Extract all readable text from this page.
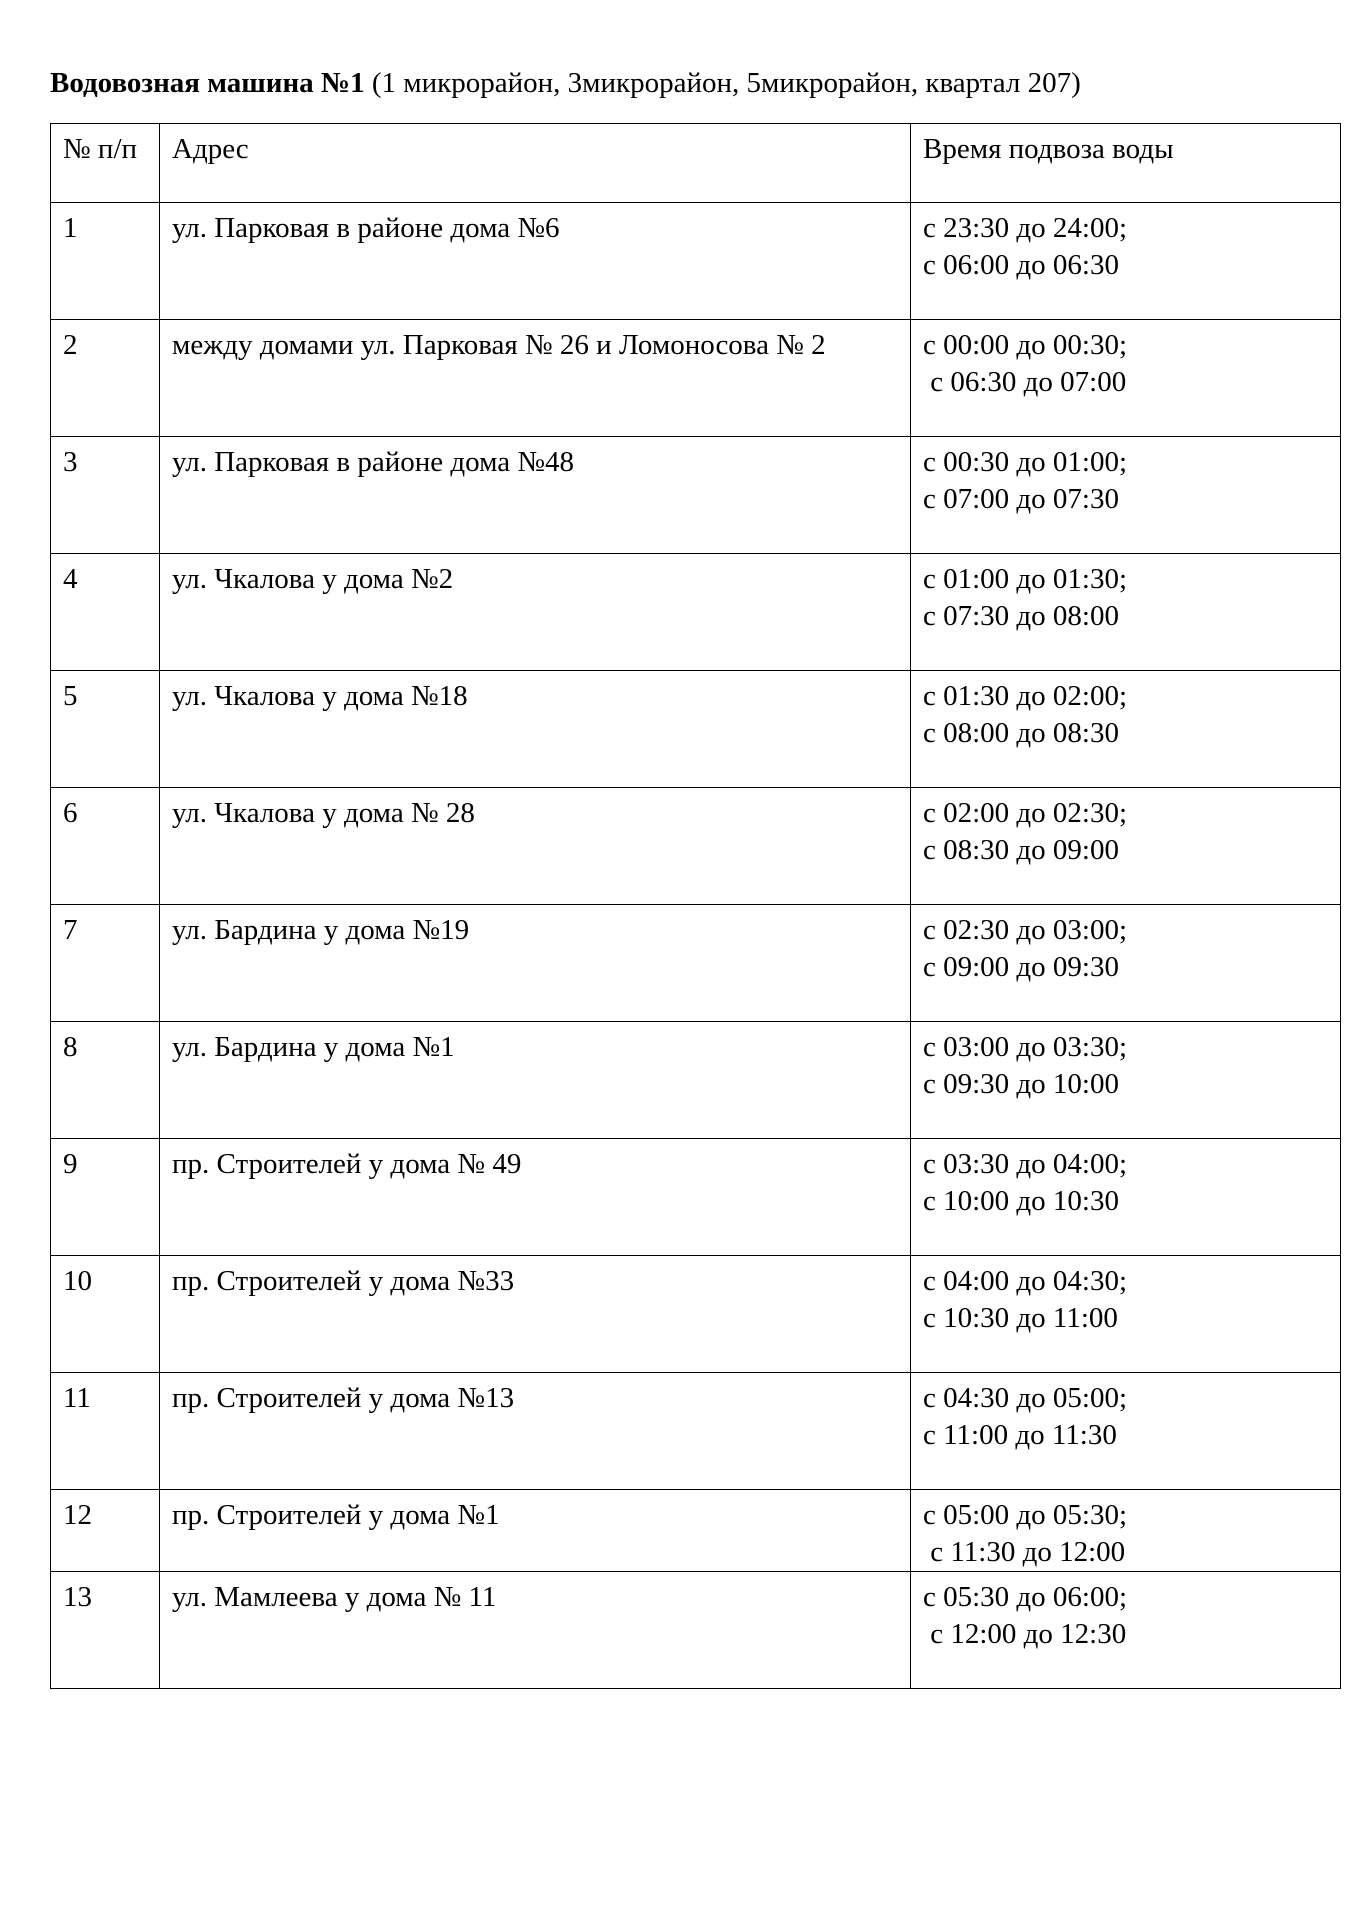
Водовозная машина №1 (1 микрорайон, 3микрорайон, 5микрорайон, квартал 207)
№ п/п	Адрес	Время подвоза воды
1	ул. Парковая в районе дома №6	с 23:30 до 24:00;
с 06:00 до 06:30

2	между домами ул. Парковая № 26 и Ломоносова № 2	с 00:00 до 00:30;
с 06:30 до 07:00

3	ул. Парковая в районе дома №48	с 00:30 до 01:00;
с 07:00 до 07:30

4	ул. Чкалова у дома №2	с 01:00 до 01:30;
с 07:30 до 08:00

5	ул. Чкалова у дома №18	с 01:30 до 02:00;
с 08:00 до 08:30

6	ул. Чкалова у дома № 28	с 02:00 до 02:30;
с 08:30 до 09:00

7	ул. Бардина у дома №19	с 02:30 до 03:00;
с 09:00 до 09:30

8	ул. Бардина у дома №1	с 03:00 до 03:30;
с 09:30 до 10:00

9	пр. Строителей у дома № 49	с 03:30 до 04:00;
с 10:00 до 10:30

10	пр. Строителей у дома №33	с 04:00 до 04:30;
с 10:30 до 11:00

11	пр. Строителей у дома №13	с 04:30 до 05:00;
с 11:00 до 11:30

12	пр. Строителей у дома №1	с 05:00 до 05:30;
с 11:30 до 12:00

13	ул. Мамлеева у дома № 11	с 05:30 до 06:00;
с 12:00 до 12:30
